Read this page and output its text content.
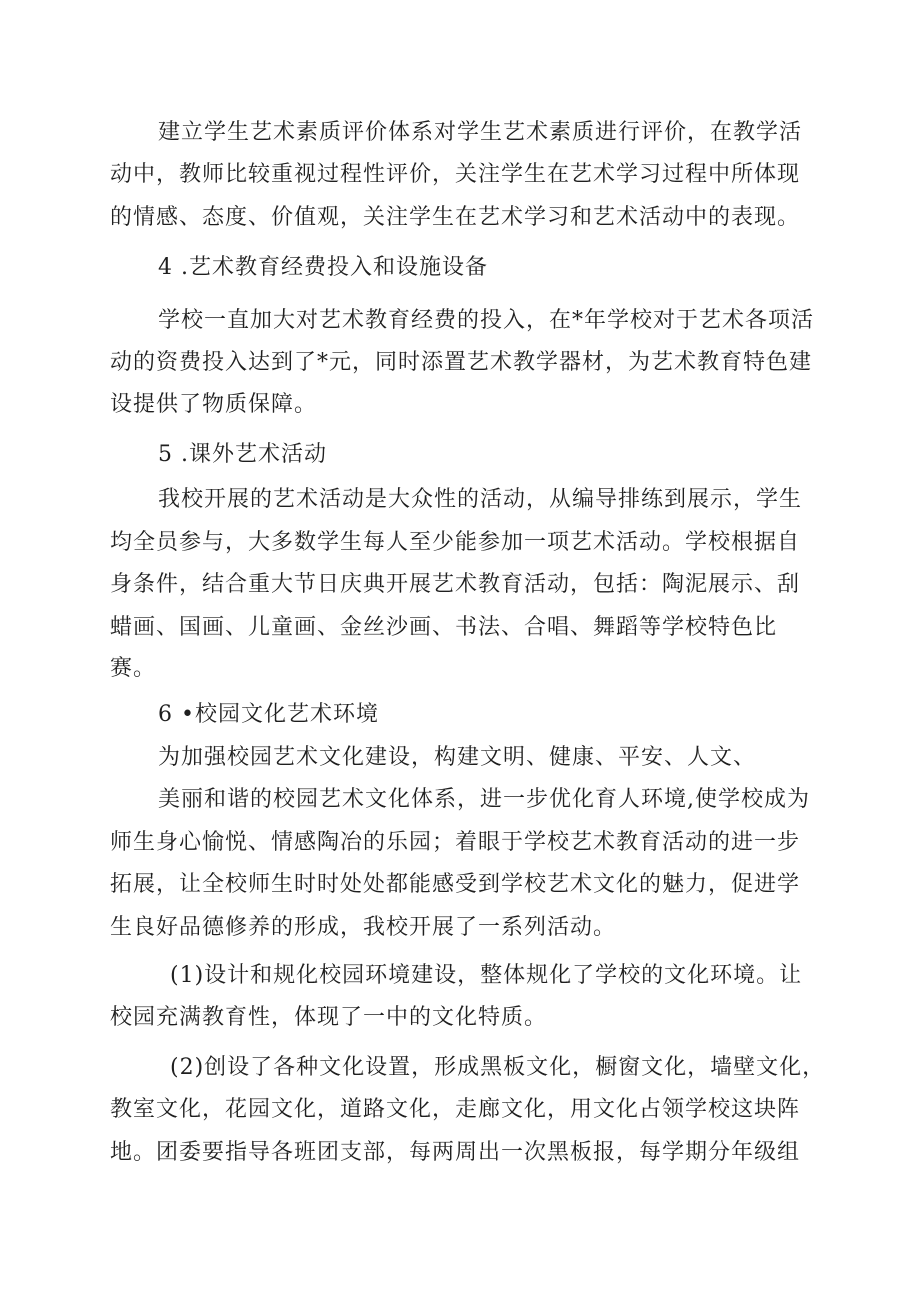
建立学生艺术素质评价体系对学生艺术素质进行评价，在教学活
动中，教师比较重视过程性评价，关注学生在艺术学习过程中所体现
的情感、态度、价值观，关注学生在艺术学习和艺术活动中的表现。
4 .艺术教育经费投入和设施设备
学校一直加大对艺术教育经费的投入，在*年学校对于艺术各项活
动的资费投入达到了*元，同时添置艺术教学器材，为艺术教育特色建
设提供了物质保障。
5 .课外艺术活动
我校开展的艺术活动是大众性的活动，从编导排练到展示，学生
均全员参与，大多数学生每人至少能参加一项艺术活动。学校根据自
身条件，结合重大节日庆典开展艺术教育活动，包括：陶泥展示、刮
蜡画、国画、儿童画、金丝沙画、书法、合唱、舞蹈等学校特色比
赛。
6 •校园文化艺术环境
为加强校园艺术文化建设，构建文明、健康、平安、人文、
美丽和谐的校园艺术文化体系，进一步优化育人环境,使学校成为
师生身心愉悦、情感陶冶的乐园；着眼于学校艺术教育活动的进一步
拓展，让全校师生时时处处都能感受到学校艺术文化的魅力，促进学
生良好品德修养的形成，我校开展了一系列活动。
(1)设计和规化校园环境建设，整体规化了学校的文化环境。让
校园充满教育性，体现了一中的文化特质。
(2)创设了各种文化设置，形成黑板文化，橱窗文化，墙壁文化，
教室文化，花园文化，道路文化，走廊文化，用文化占领学校这块阵
地。团委要指导各班团支部，每两周出一次黑板报，每学期分年级组
